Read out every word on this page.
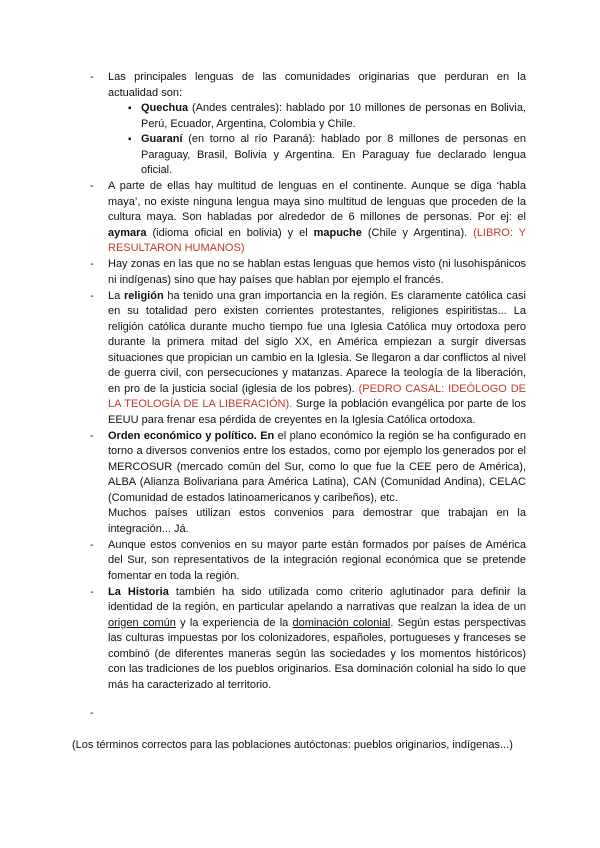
- Las principales lenguas de las comunidades originarias que perduran en la actualidad son:
▪ Quechua (Andes centrales): hablado por 10 millones de personas en Bolivia, Perú, Ecuador, Argentina, Colombia y Chile.
▪ Guaraní (en torno al río Paraná): hablado por 8 millones de personas en Paraguay, Brasil, Bolivia y Argentina. En Paraguay fue declarado lengua oficial.
- A parte de ellas hay multitud de lenguas en el continente. Aunque se diga ‘habla maya’, no existe ninguna lengua maya sino multitud de lenguas que proceden de la cultura maya. Son habladas por alrededor de 6 millones de personas. Por ej: el aymara (idioma oficial en bolivia) y el mapuche (Chile y Argentina). (LIBRO: Y RESULTARON HUMANOS)
- Hay zonas en las que no se hablan estas lenguas que hemos visto (ni lusohispánicos ni indígenas) sino que hay países que hablan por ejemplo el francés.
- La religión ha tenido una gran importancia en la región. Es claramente católica casi en su totalidad pero existen corrientes protestantes, religiones espiritistas... La religión católica durante mucho tiempo fue una Iglesia Católica muy ortodoxa pero durante la primera mitad del siglo XX, en América empiezan a surgir diversas situaciones que propician un cambio en la Iglesia. Se llegaron a dar conflictos al nivel de guerra civil, con persecuciones y matanzas. Aparece la teología de la liberación, en pro de la justicia social (iglesia de los pobres). (PEDRO CASAL: IDEÓLOGO DE LA TEOLOGÍA DE LA LIBERACIÓN). Surge la población evangélica por parte de los EEUU para frenar esa pérdida de creyentes en la Iglesia Católica ortodoxa.
- Orden económico y político. En el plano económico la región se ha configurado en torno a diversos convenios entre los estados, como por ejemplo los generados por el MERCOSUR (mercado común del Sur, como lo que fue la CEE pero de América), ALBA (Alianza Bolivariana para América Latina), CAN (Comunidad Andina), CELAC (Comunidad de estados latinoamericanos y caribeños), etc.
Muchos países utilizan estos convenios para demostrar que trabajan en la integración... Já.
- Aunque estos convenios en su mayor parte están formados por países de América del Sur, son representativos de la integración regional económica que se pretende fomentar en toda la región.
- La Historia también ha sido utilizada como criterio aglutinador para definir la identidad de la región, en particular apelando a narrativas que realzan la idea de un origen común y la experiencia de la dominación colonial. Según estas perspectivas las culturas impuestas por los colonizadores, españoles, portugueses y franceses se combinó (de diferentes maneras según las sociedades y los momentos históricos) con las tradiciones de los pueblos originarios. Esa dominación colonial ha sido lo que más ha caracterizado al territorio.
-
(Los términos correctos para las poblaciones autóctonas: pueblos originarios, indígenas...)
